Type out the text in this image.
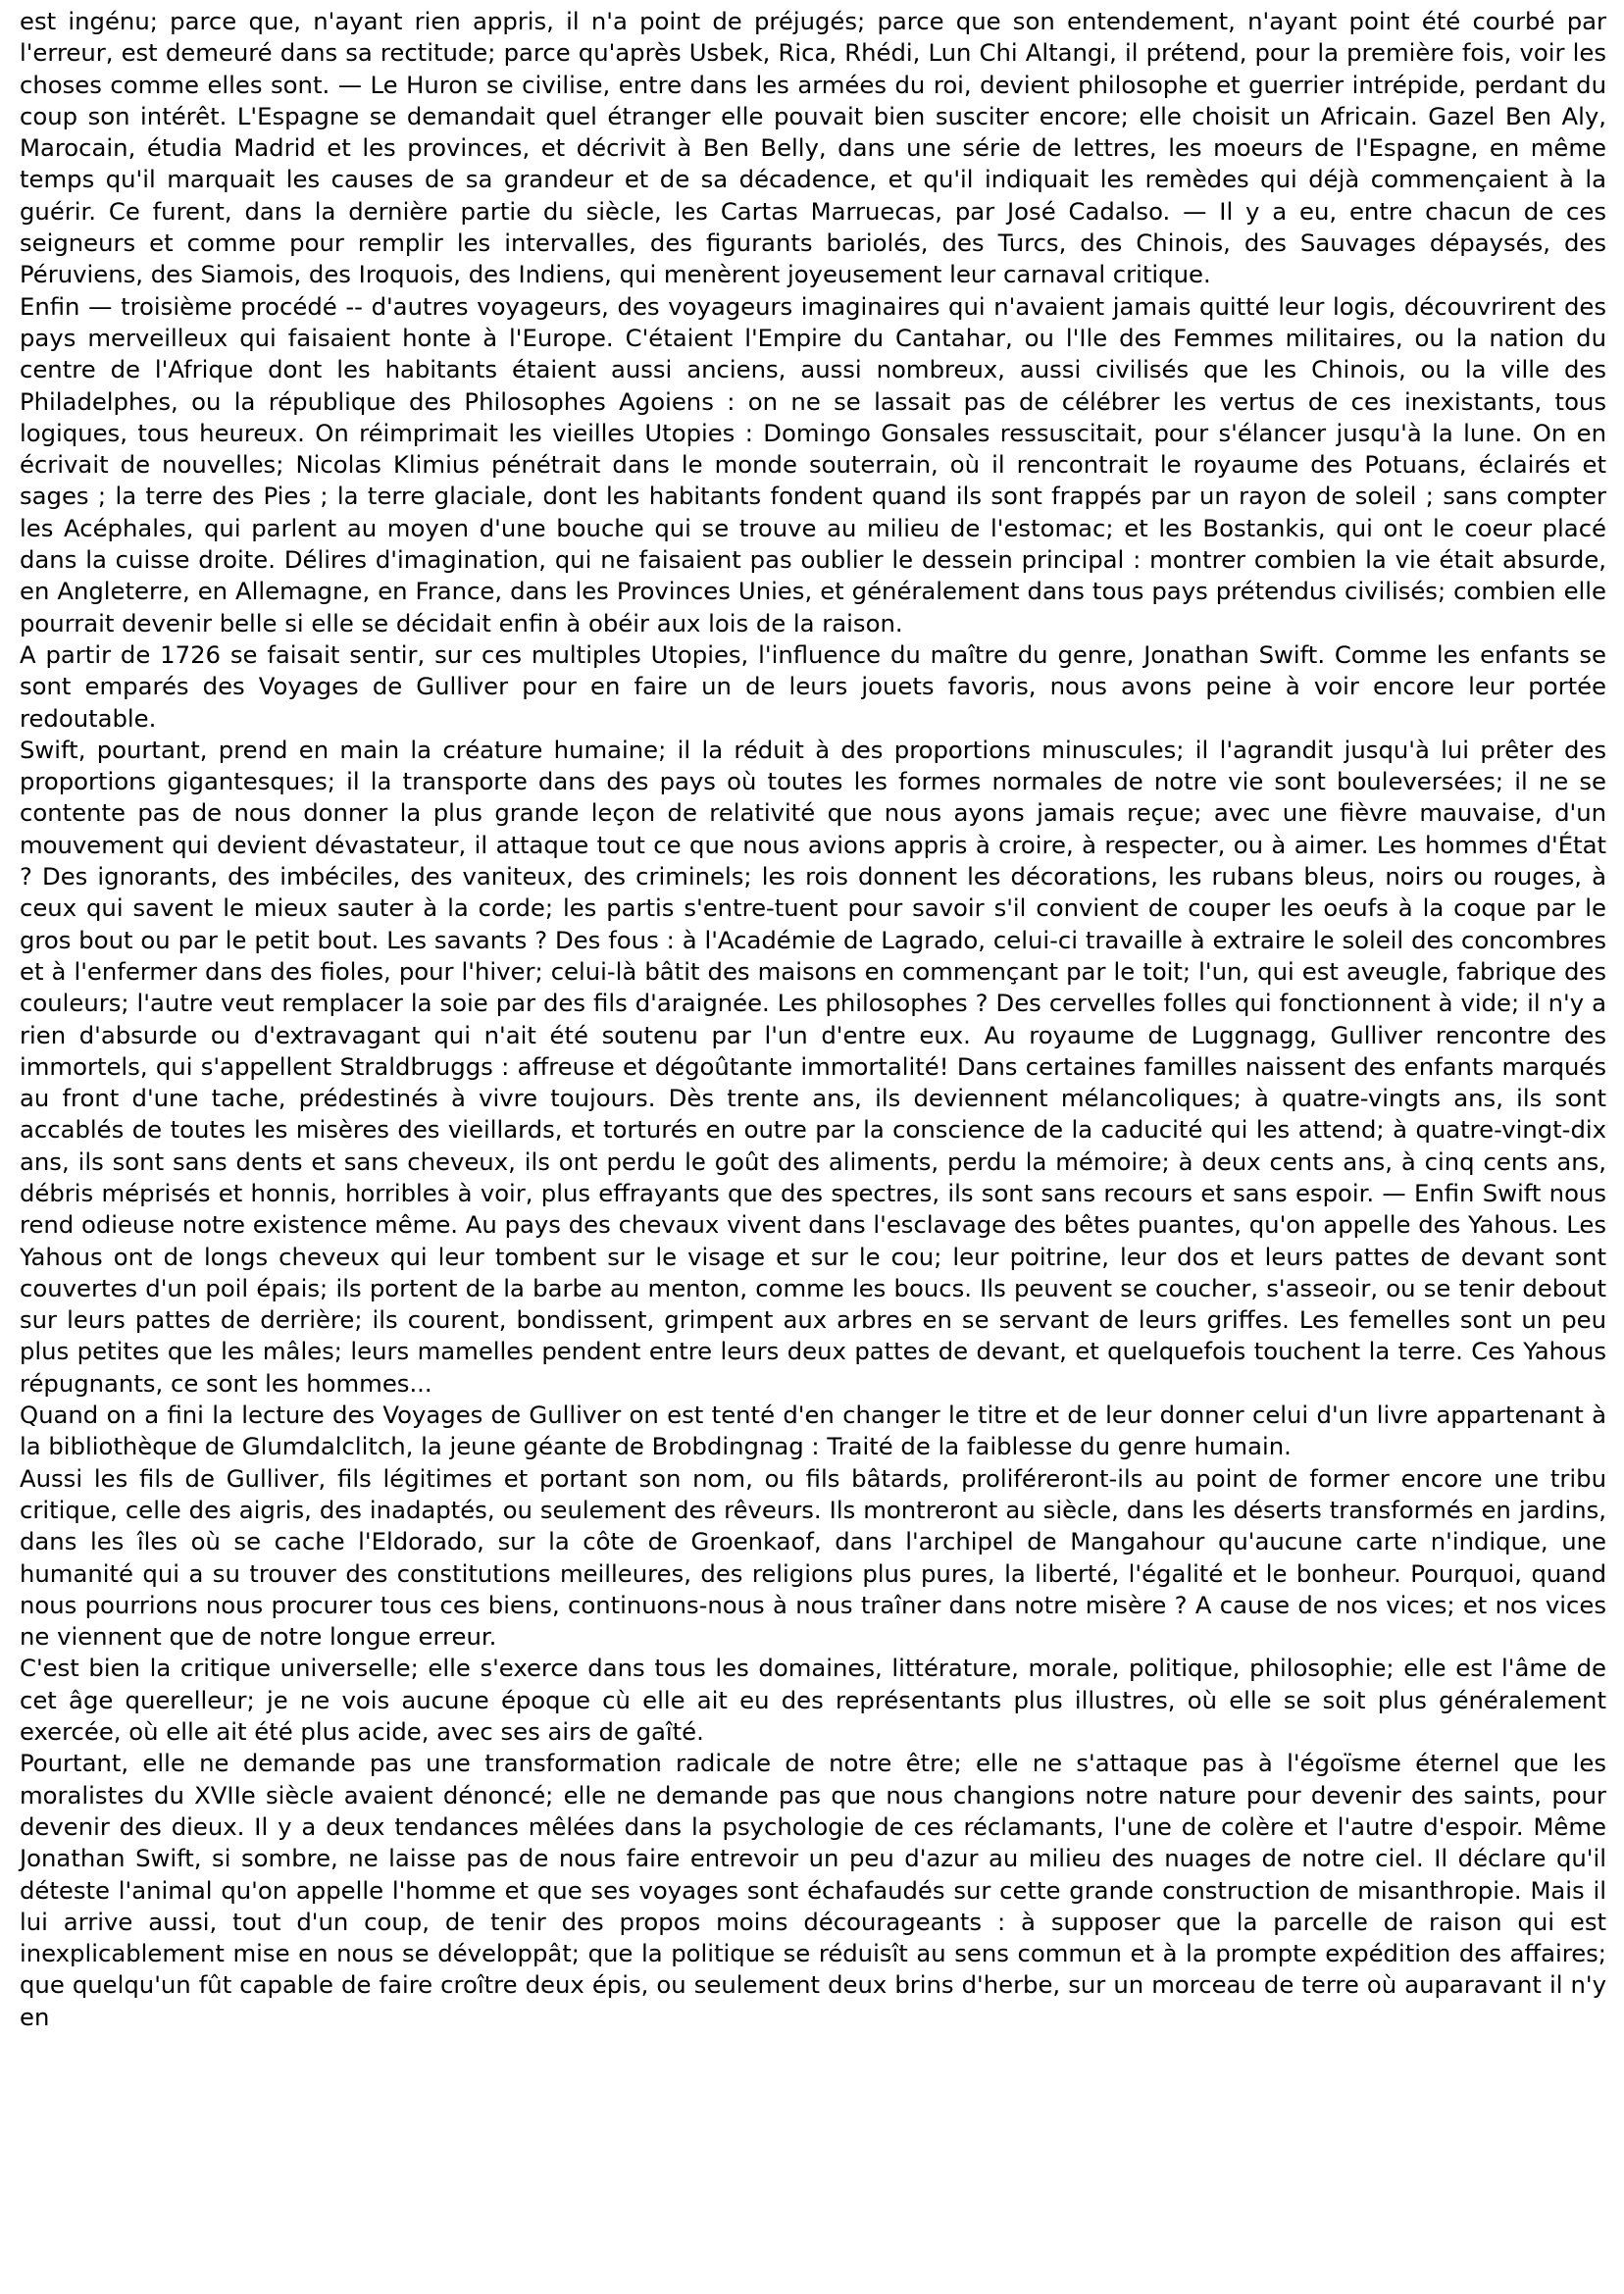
est ingénu; parce que, n'ayant rien appris, il n'a point de préjugés; parce que son entendement, n'ayant point été courbé par l'erreur, est demeuré dans sa rectitude; parce qu'après Usbek, Rica, Rhédi, Lun Chi Altangi, il prétend, pour la première fois, voir les choses comme elles sont. — Le Huron se civilise, entre dans les armées du roi, devient philosophe et guerrier intrépide, perdant du coup son intérêt. L'Espagne se demandait quel étranger elle pouvait bien susciter encore; elle choisit un Africain. Gazel Ben Aly, Marocain, étudia Madrid et les provinces, et décrivit à Ben Belly, dans une série de lettres, les moeurs de l'Espagne, en même temps qu'il marquait les causes de sa grandeur et de sa décadence, et qu'il indiquait les remèdes qui déjà commençaient à la guérir. Ce furent, dans la dernière partie du siècle, les Cartas Marruecas, par José Cadalso. — Il y a eu, entre chacun de ces seigneurs et comme pour remplir les intervalles, des figurants bariolés, des Turcs, des Chinois, des Sauvages dépaysés, des Péruviens, des Siamois, des Iroquois, des Indiens, qui menèrent joyeusement leur carnaval critique.

Enfin — troisième procédé -- d'autres voyageurs, des voyageurs imaginaires qui n'avaient jamais quitté leur logis, découvrirent des pays merveilleux qui faisaient honte à l'Europe. C'étaient l'Empire du Cantahar, ou l'Ile des Femmes militaires, ou la nation du centre de l'Afrique dont les habitants étaient aussi anciens, aussi nombreux, aussi civilisés que les Chinois, ou la ville des Philadelphes, ou la république des Philosophes Agoiens : on ne se lassait pas de célébrer les vertus de ces inexistants, tous logiques, tous heureux. On réimprimait les vieilles Utopies : Domingo Gonsales ressuscitait, pour s'élancer jusqu'à la lune. On en écrivait de nouvelles; Nicolas Klimius pénétrait dans le monde souterrain, où il rencontrait le royaume des Potuans, éclairés et sages ; la terre des Pies ; la terre glaciale, dont les habitants fondent quand ils sont frappés par un rayon de soleil ; sans compter les Acéphales, qui parlent au moyen d'une bouche qui se trouve au milieu de l'estomac; et les Bostankis, qui ont le coeur placé dans la cuisse droite. Délires d'imagination, qui ne faisaient pas oublier le dessein principal : montrer combien la vie était absurde, en Angleterre, en Allemagne, en France, dans les Provinces Unies, et généralement dans tous pays prétendus civilisés; combien elle pourrait devenir belle si elle se décidait enfin à obéir aux lois de la raison.

A partir de 1726 se faisait sentir, sur ces multiples Utopies, l'influence du maître du genre, Jonathan Swift. Comme les enfants se sont emparés des Voyages de Gulliver pour en faire un de leurs jouets favoris, nous avons peine à voir encore leur portée redoutable.

Swift, pourtant, prend en main la créature humaine; il la réduit à des proportions minuscules; il l'agrandit jusqu'à lui prêter des proportions gigantesques; il la transporte dans des pays où toutes les formes normales de notre vie sont bouleversées; il ne se contente pas de nous donner la plus grande leçon de relativité que nous ayons jamais reçue; avec une fièvre mauvaise, d'un mouvement qui devient dévastateur, il attaque tout ce que nous avions appris à croire, à respecter, ou à aimer. Les hommes d'État ? Des ignorants, des imbéciles, des vaniteux, des criminels; les rois donnent les décorations, les rubans bleus, noirs ou rouges, à ceux qui savent le mieux sauter à la corde; les partis s'entre-tuent pour savoir s'il convient de couper les oeufs à la coque par le gros bout ou par le petit bout. Les savants ? Des fous : à l'Académie de Lagrado, celui-ci travaille à extraire le soleil des concombres et à l'enfermer dans des fioles, pour l'hiver; celui-là bâtit des maisons en commençant par le toit; l'un, qui est aveugle, fabrique des couleurs; l'autre veut remplacer la soie par des fils d'araignée. Les philosophes ? Des cervelles folles qui fonctionnent à vide; il n'y a rien d'absurde ou d'extravagant qui n'ait été soutenu par l'un d'entre eux. Au royaume de Luggnagg, Gulliver rencontre des immortels, qui s'appellent Straldbruggs : affreuse et dégoûtante immortalité! Dans certaines familles naissent des enfants marqués au front d'une tache, prédestinés à vivre toujours. Dès trente ans, ils deviennent mélancoliques; à quatre-vingts ans, ils sont accablés de toutes les misères des vieillards, et torturés en outre par la conscience de la caducité qui les attend; à quatre-vingt-dix ans, ils sont sans dents et sans cheveux, ils ont perdu le goût des aliments, perdu la mémoire; à deux cents ans, à cinq cents ans, débris méprisés et honnis, horribles à voir, plus effrayants que des spectres, ils sont sans recours et sans espoir. — Enfin Swift nous rend odieuse notre existence même. Au pays des chevaux vivent dans l'esclavage des bêtes puantes, qu'on appelle des Yahous. Les Yahous ont de longs cheveux qui leur tombent sur le visage et sur le cou; leur poitrine, leur dos et leurs pattes de devant sont couvertes d'un poil épais; ils portent de la barbe au menton, comme les boucs. Ils peuvent se coucher, s'asseoir, ou se tenir debout sur leurs pattes de derrière; ils courent, bondissent, grimpent aux arbres en se servant de leurs griffes. Les femelles sont un peu plus petites que les mâles; leurs mamelles pendent entre leurs deux pattes de devant, et quelquefois touchent la terre. Ces Yahous répugnants, ce sont les hommes...

Quand on a fini la lecture des Voyages de Gulliver on est tenté d'en changer le titre et de leur donner celui d'un livre appartenant à la bibliothèque de Glumdalclitch, la jeune géante de Brobdingnag : Traité de la faiblesse du genre humain.

Aussi les fils de Gulliver, fils légitimes et portant son nom, ou fils bâtards, proliféreront-ils au point de former encore une tribu critique, celle des aigris, des inadaptés, ou seulement des rêveurs. Ils montreront au siècle, dans les déserts transformés en jardins, dans les îles où se cache l'Eldorado, sur la côte de Groenkaof, dans l'archipel de Mangahour qu'aucune carte n'indique, une humanité qui a su trouver des constitutions meilleures, des religions plus pures, la liberté, l'égalité et le bonheur. Pourquoi, quand nous pourrions nous procurer tous ces biens, continuons-nous à nous traîner dans notre misère ? A cause de nos vices; et nos vices ne viennent que de notre longue erreur.

C'est bien la critique universelle; elle s'exerce dans tous les domaines, littérature, morale, politique, philosophie; elle est l'âme de cet âge querelleur; je ne vois aucune époque cù elle ait eu des représentants plus illustres, où elle se soit plus généralement exercée, où elle ait été plus acide, avec ses airs de gaîté.

Pourtant, elle ne demande pas une transformation radicale de notre être; elle ne s'attaque pas à l'égoïsme éternel que les moralistes du XVIIe siècle avaient dénoncé; elle ne demande pas que nous changions notre nature pour devenir des saints, pour devenir des dieux. Il y a deux tendances mêlées dans la psychologie de ces réclamants, l'une de colère et l'autre d'espoir. Même Jonathan Swift, si sombre, ne laisse pas de nous faire entrevoir un peu d'azur au milieu des nuages de notre ciel. Il déclare qu'il déteste l'animal qu'on appelle l'homme et que ses voyages sont échafaudés sur cette grande construction de misanthropie. Mais il lui arrive aussi, tout d'un coup, de tenir des propos moins décourageants : à supposer que la parcelle de raison qui est inexplicablement mise en nous se développât; que la politique se réduisît au sens commun et à la prompte expédition des affaires; que quelqu'un fût capable de faire croître deux épis, ou seulement deux brins d'herbe, sur un morceau de terre où auparavant il n'y en
